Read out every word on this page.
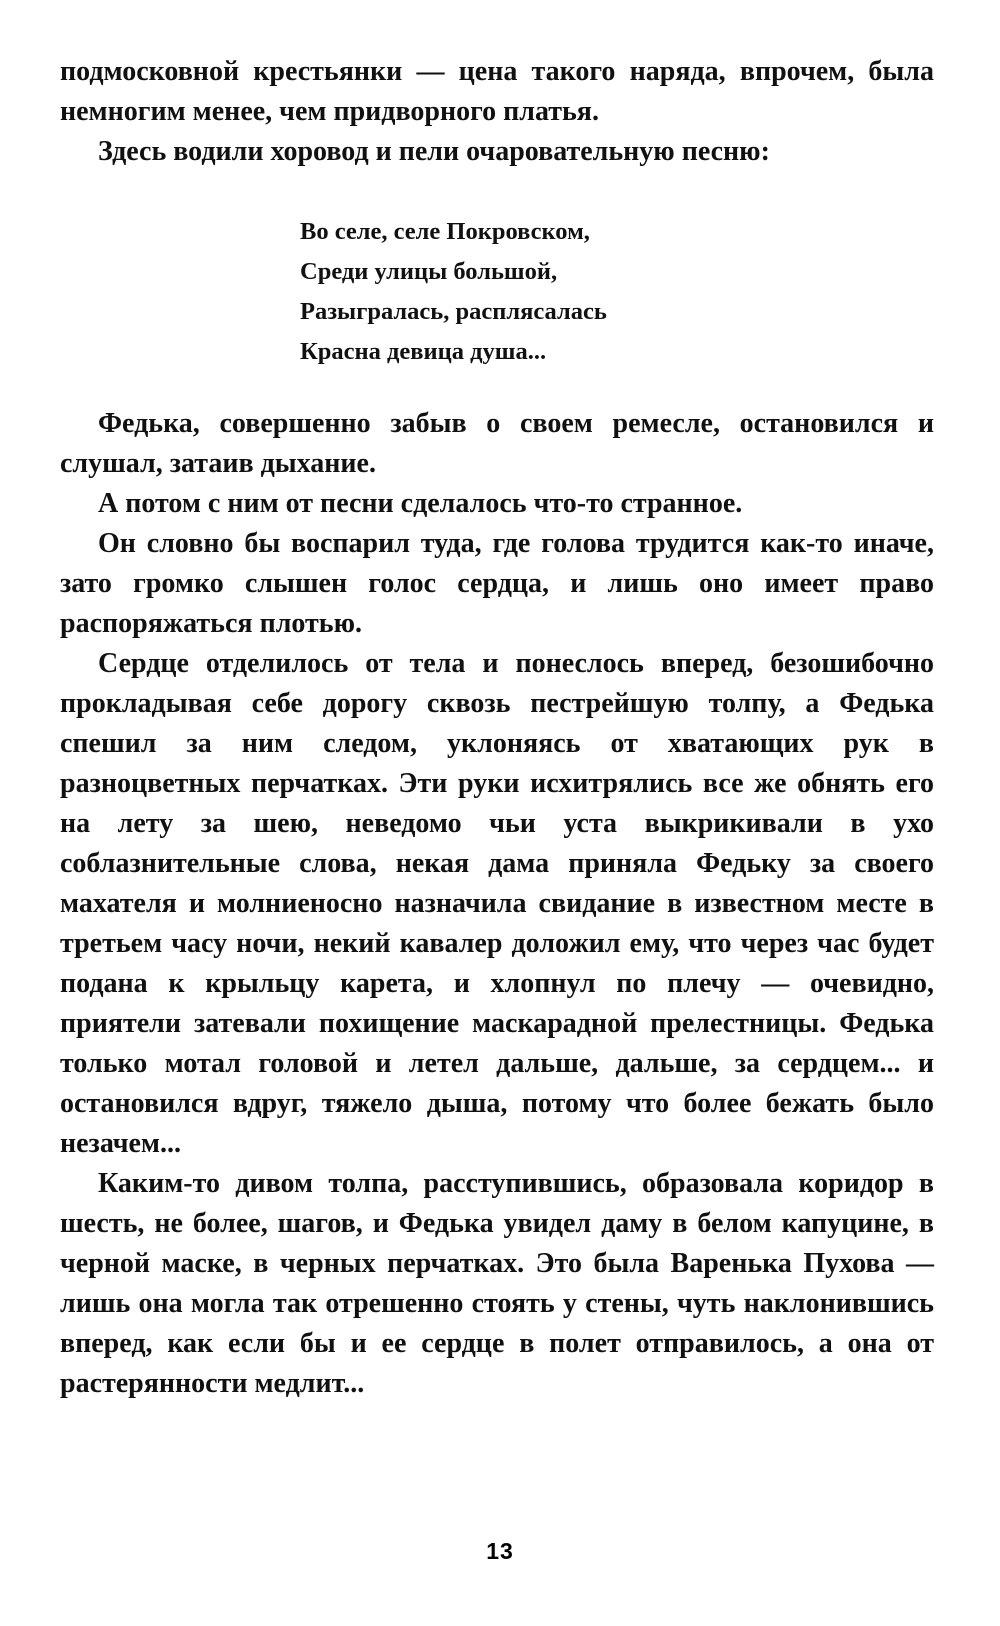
подмосковной крестьянки — цена такого наряда, впрочем, была немногим менее, чем придворного платья.

Здесь водили хоровод и пели очаровательную песню:

Во селе, селе Покровском,
Среди улицы большой,
Разыгралась, расплясалась
Красна девица душа...

Федька, совершенно забыв о своем ремесле, остановился и слушал, затаив дыхание.

А потом с ним от песни сделалось что-то странное.

Он словно бы воспарил туда, где голова трудится как-то иначе, зато громко слышен голос сердца, и лишь оно имеет право распоряжаться плотью.

Сердце отделилось от тела и понеслось вперед, безошибочно прокладывая себе дорогу сквозь пестрейшую толпу, а Федька спешил за ним следом, уклоняясь от хватающих рук в разноцветных перчатках. Эти руки исхитрялись все же обнять его на лету за шею, неведомо чьи уста выкрикивали в ухо соблазнительные слова, некая дама приняла Федьку за своего махателя и молниеносно назначила свидание в известном месте в третьем часу ночи, некий кавалер доложил ему, что через час будет подана к крыльцу карета, и хлопнул по плечу — очевидно, приятели затевали похищение маскарадной прелестницы. Федька только мотал головой и летел дальше, дальше, за сердцем... и остановился вдруг, тяжело дыша, потому что более бежать было незачем...

Каким-то дивом толпа, расступившись, образовала коридор в шесть, не более, шагов, и Федька увидел даму в белом капуцине, в черной маске, в черных перчатках. Это была Варенька Пухова — лишь она могла так отрешенно стоять у стены, чуть наклонившись вперед, как если бы и ее сердце в полет отправилось, а она от растерянности медлит...

13
